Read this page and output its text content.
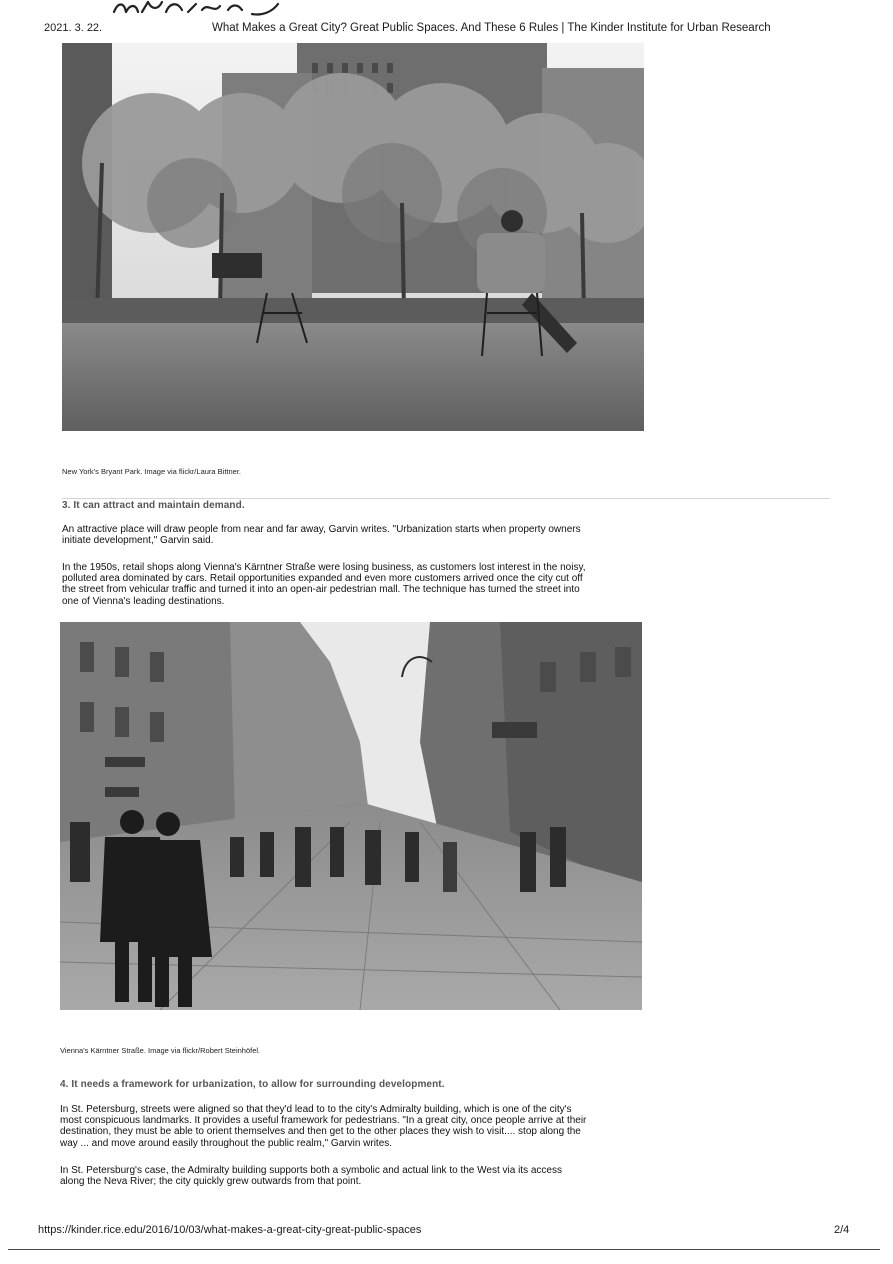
2021. 3. 22.	What Makes a Great City? Great Public Spaces. And These 6 Rules | The Kinder Institute for Urban Research
New York's Bryant Park. Image via flickr/Laura Bittner.
3. It can attract and maintain demand.
An attractive place will draw people from near and far away, Garvin writes. "Urbanization starts when property owners
initiate development," Garvin said.
In the 1950s, retail shops along Vienna's Kärntner Straße were losing business, as customers lost interest in the noisy,
polluted area dominated by cars. Retail opportunities expanded and even more customers arrived once the city cut off
the street from vehicular traffic and turned it into an open-air pedestrian mall. The technique has turned the street into
one of Vienna's leading destinations.
Vienna's Kärntner Straße. Image via flickr/Robert Steinhöfel.
4. It needs a framework for urbanization, to allow for surrounding development.
In St. Petersburg, streets were aligned so that they'd lead to to the city's Admiralty building, which is one of the city's
most conspicuous landmarks. It provides a useful framework for pedestrians. "In a great city, once people arrive at their
destination, they must be able to orient themselves and then get to the other places they wish to visit.... stop along the
way ... and move around easily throughout the public realm," Garvin writes.
In St. Petersburg's case, the Admiralty building supports both a symbolic and actual link to the West via its access
along the Neva River; the city quickly grew outwards from that point.
https://kinder.rice.edu/2016/10/03/what-makes-a-great-city-great-public-spaces	2/4
